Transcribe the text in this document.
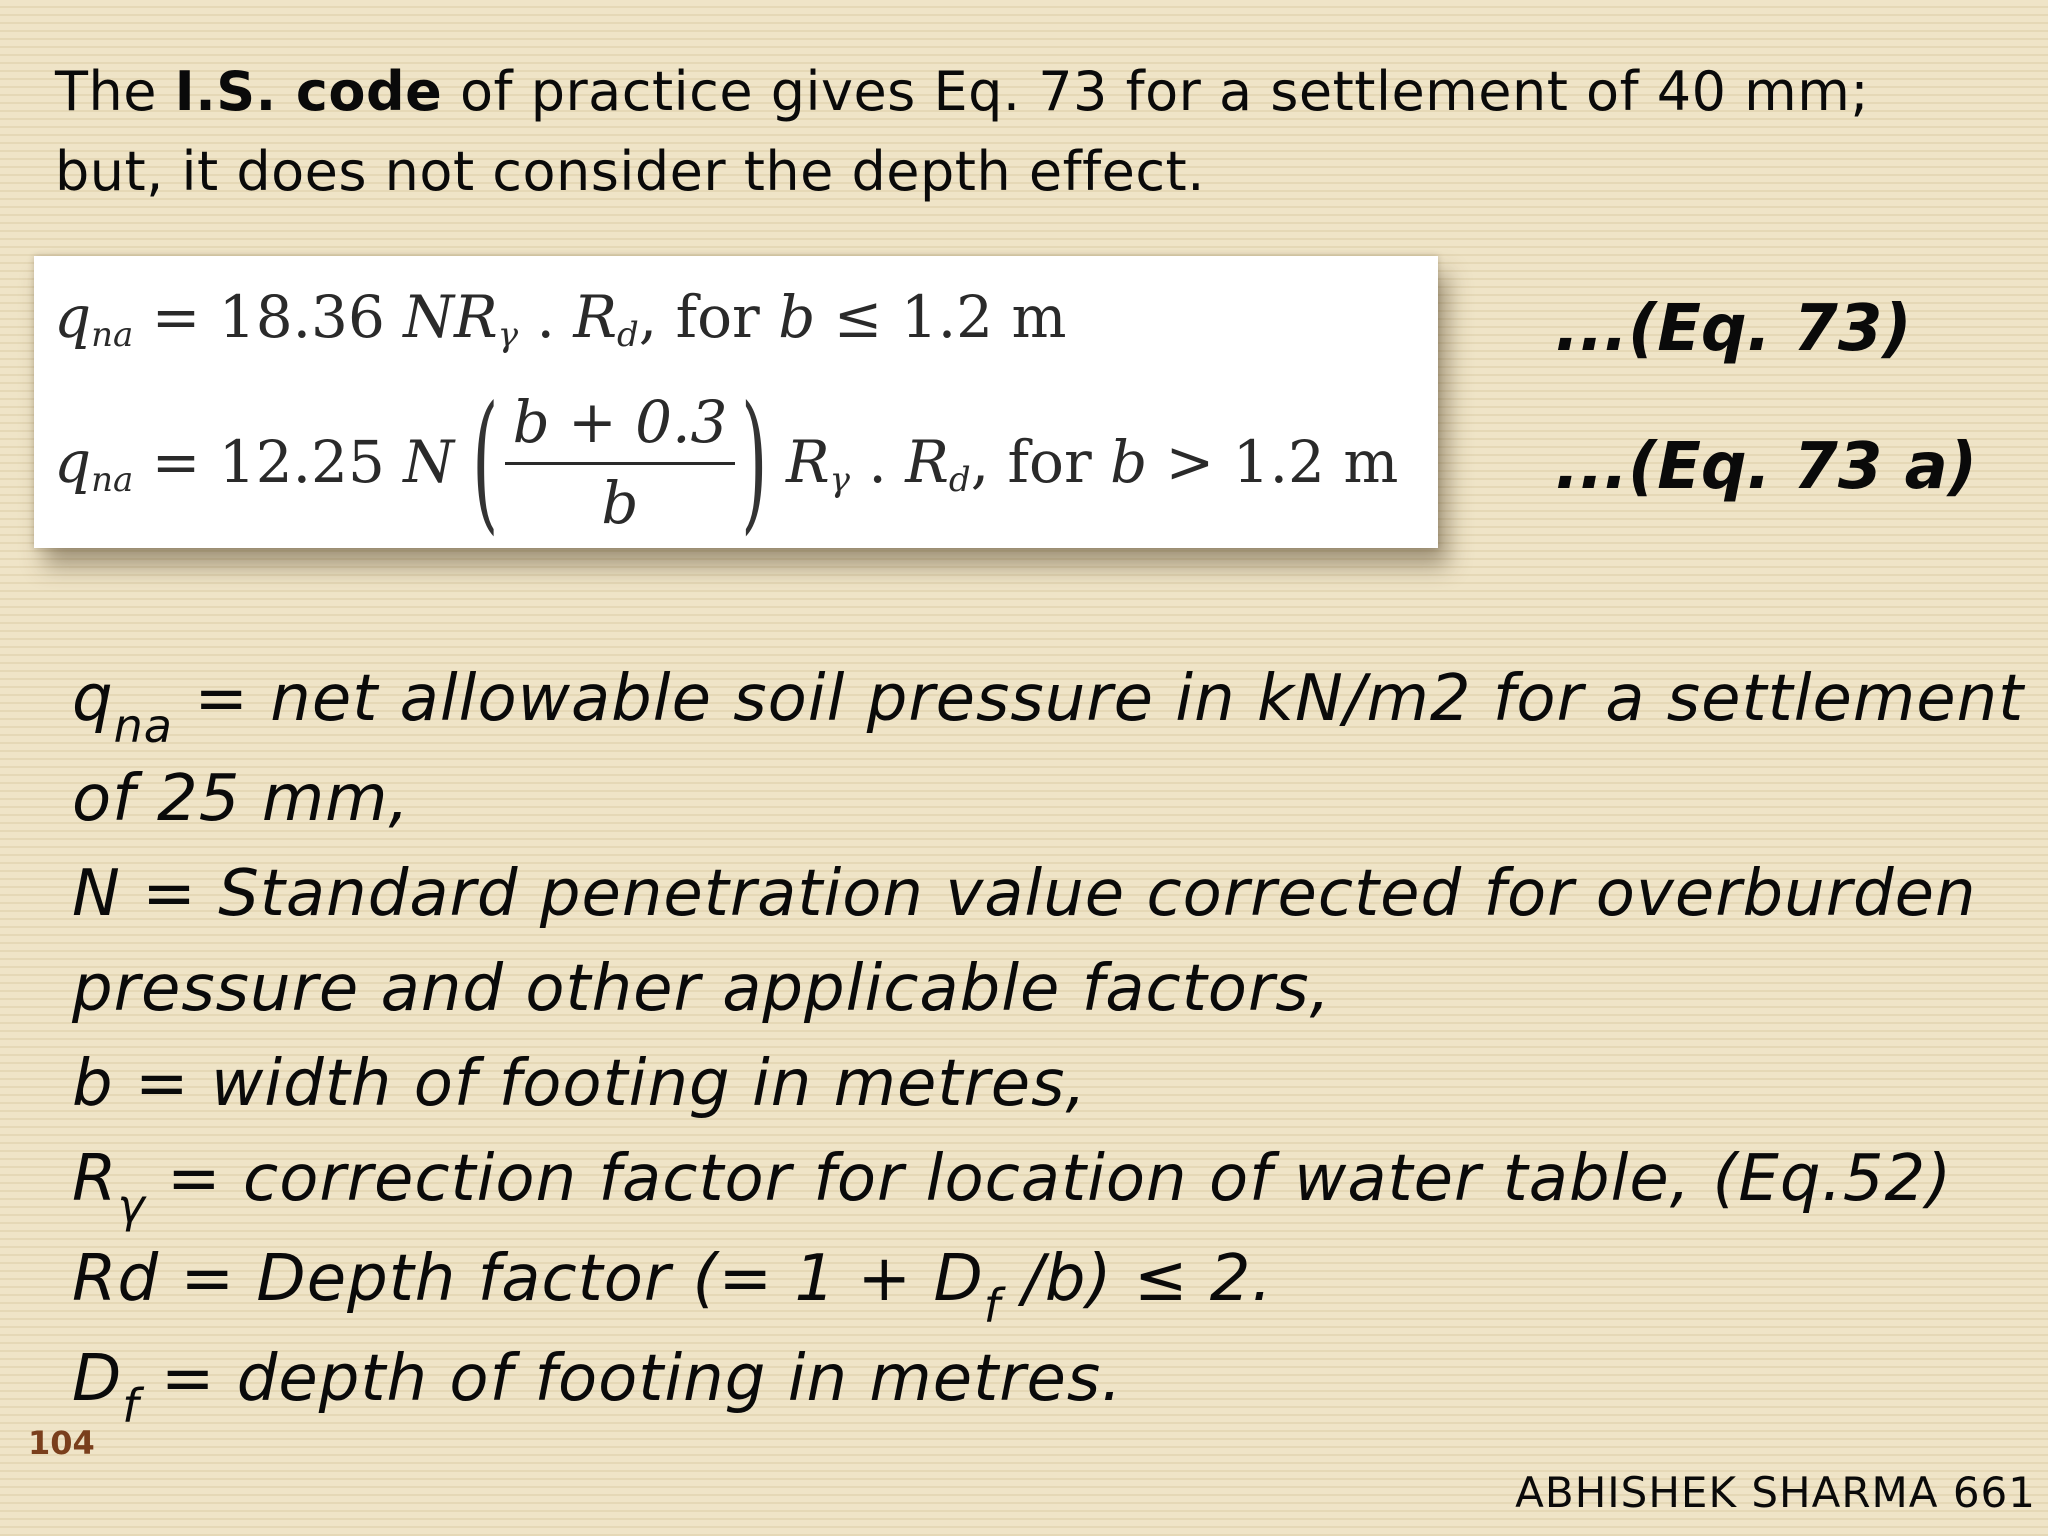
The I.S. code of practice gives Eq. 73 for a settlement of 40 mm; but, it does not consider the depth effect.
q na = 18.36 N R γ . R d , for b ≤ 1.2 m
q na = 12.25 N ( $\frac{b + 0.3}{b}$ ) R γ . R d , for b > 1.2 m
...(Eq. 73)
...(Eq. 73 a)
$q_{na}$ = net allowable soil pressure in kN/m2 for a settlement
of 25 mm,
N = Standard penetration value corrected for overburden
pressure and other applicable factors,
b = width of footing in metres,
$R_\gamma$ = correction factor for location of water table, (Eq.52)
Rd = Depth factor (= $1 + D_f$ /b) ≤ 2.
$D_f$ = depth of footing in metres.
104
ABHISHEK SHARMA 661
